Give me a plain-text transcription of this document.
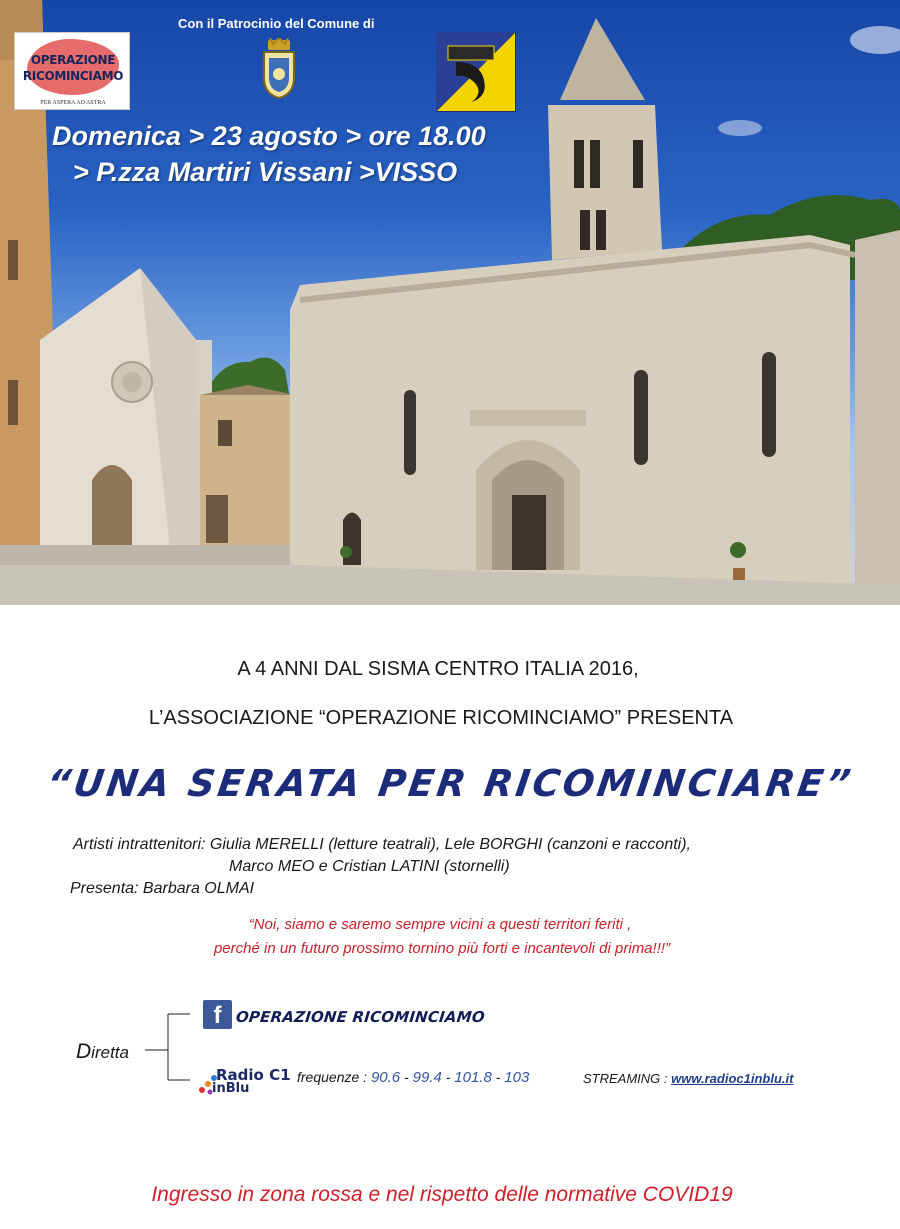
Con il Patrocinio del Comune di
OPERAZIONE
RICOMINCIAMO
PER ASPERA AD ASTRA
Domenica > 23 agosto > ore 18.00
> P.zza Martiri Vissani >VISSO
A 4 ANNI DAL SISMA CENTRO ITALIA 2016,
L’ASSOCIAZIONE “OPERAZIONE RICOMINCIAMO” PRESENTA
“UNA SERATA PER RICOMINCIARE”
Artisti intrattenitori: Giulia MERELLI (letture teatrali), Lele BORGHI (canzoni e racconti),
Marco MEO e Cristian LATINI (stornelli)
Presenta: Barbara OLMAI
“Noi, siamo e saremo sempre vicini a questi territori feriti ,
perché in un futuro prossimo tornino più forti e incantevoli di prima!!!”
Diretta
f OPERAZIONE RICOMINCIAMO
Radio C1
inBlu
frequenze : 90.6 - 99.4 - 101.8 - 103	STREAMING : www.radioc1inblu.it
Ingresso in zona rossa e nel rispetto delle normative COVID19
